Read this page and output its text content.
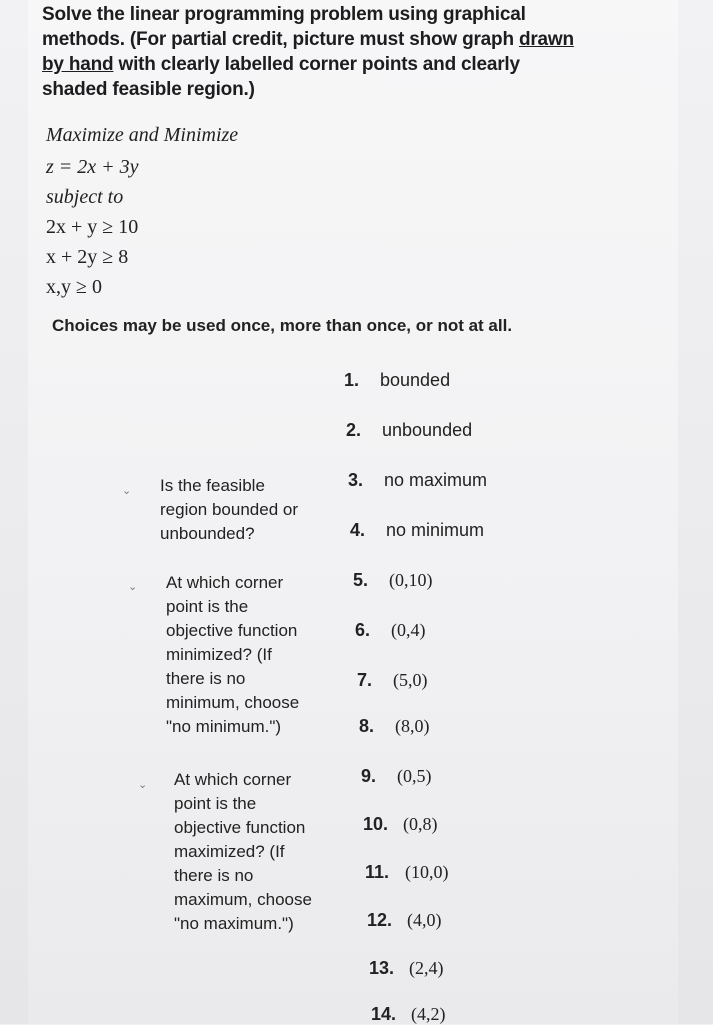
Solve the linear programming problem using graphical
methods. (For partial credit, picture must show graph drawn
by hand with clearly labelled corner points and clearly
shaded feasible region.)
Maximize and Minimize
z = 2x + 3y
subject to
2x + y ≥ 10
x + 2y ≥ 8
x,y ≥ 0
Choices may be used once, more than once, or not at all.
1. bounded
2. unbounded
3. no maximum
4. no minimum
5. (0,10)
6. (0,4)
7. (5,0)
8. (8,0)
9. (0,5)
10. (0,8)
11. (10,0)
12. (4,0)
13. (2,4)
14. (4,2)
⌄ Is the feasible
region bounded or
unbounded?
⌄ At which corner
point is the
objective function
minimized? (If
there is no
minimum, choose
"no minimum.")
⌄ At which corner
point is the
objective function
maximized? (If
there is no
maximum, choose
"no maximum.")
